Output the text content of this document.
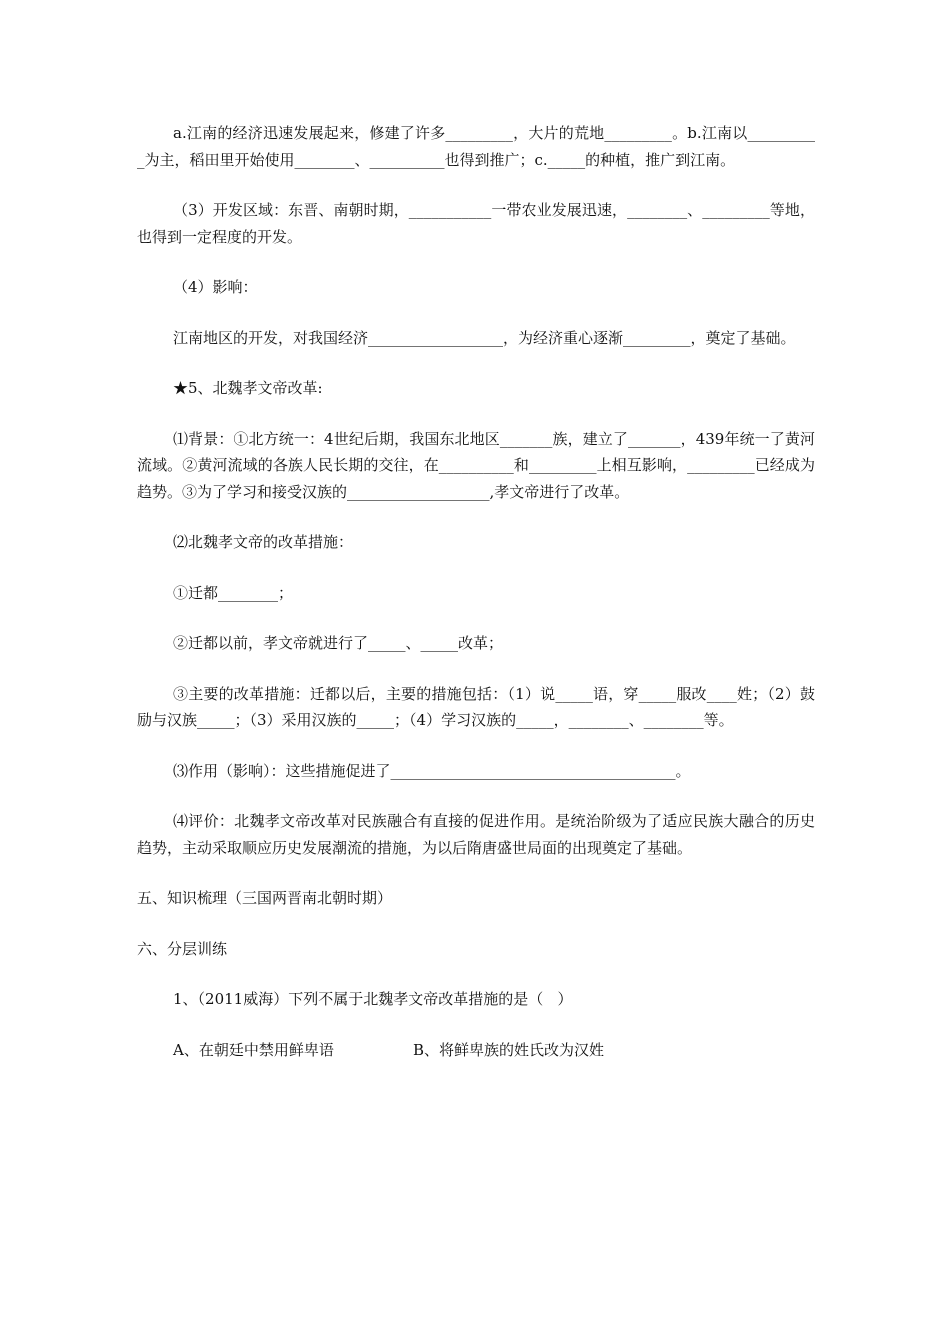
a.江南的经济迅速发展起来，修建了许多_________，大片的荒地_________。b.江南以__________为主，稻田里开始使用________、__________也得到推广；c._____的种植，推广到江南。

（3）开发区域：东晋、南朝时期，___________一带农业发展迅速，________、_________等地，也得到一定程度的开发。

（4）影响：

江南地区的开发，对我国经济__________________，为经济重心逐渐_________，奠定了基础。

★5、北魏孝文帝改革:

⑴背景：①北方统一：4世纪后期，我国东北地区_______族，建立了_______，439年统一了黄河流域。②黄河流域的各族人民长期的交往，在__________和_________上相互影响，_________已经成为趋势。③为了学习和接受汉族的___________________,孝文帝进行了改革。

⑵北魏孝文帝的改革措施：

①迁都________；

②迁都以前，孝文帝就进行了_____、_____改革；

③主要的改革措施：迁都以后，主要的措施包括：（1）说_____语，穿_____服改____姓；（2）鼓励与汉族_____；（3）采用汉族的_____；（4）学习汉族的_____，________、________等。

⑶作用（影响）：这些措施促进了______________________________________。

⑷评价：北魏孝文帝改革对民族融合有直接的促进作用。是统治阶级为了适应民族大融合的历史趋势，主动采取顺应历史发展潮流的措施，为以后隋唐盛世局面的出现奠定了基础。

五、知识梳理（三国两晋南北朝时期）

六、分层训练

1、（2011威海）下列不属于北魏孝文帝改革措施的是（   ）

A、在朝廷中禁用鲜卑语	B、将鲜卑族的姓氏改为汉姓
